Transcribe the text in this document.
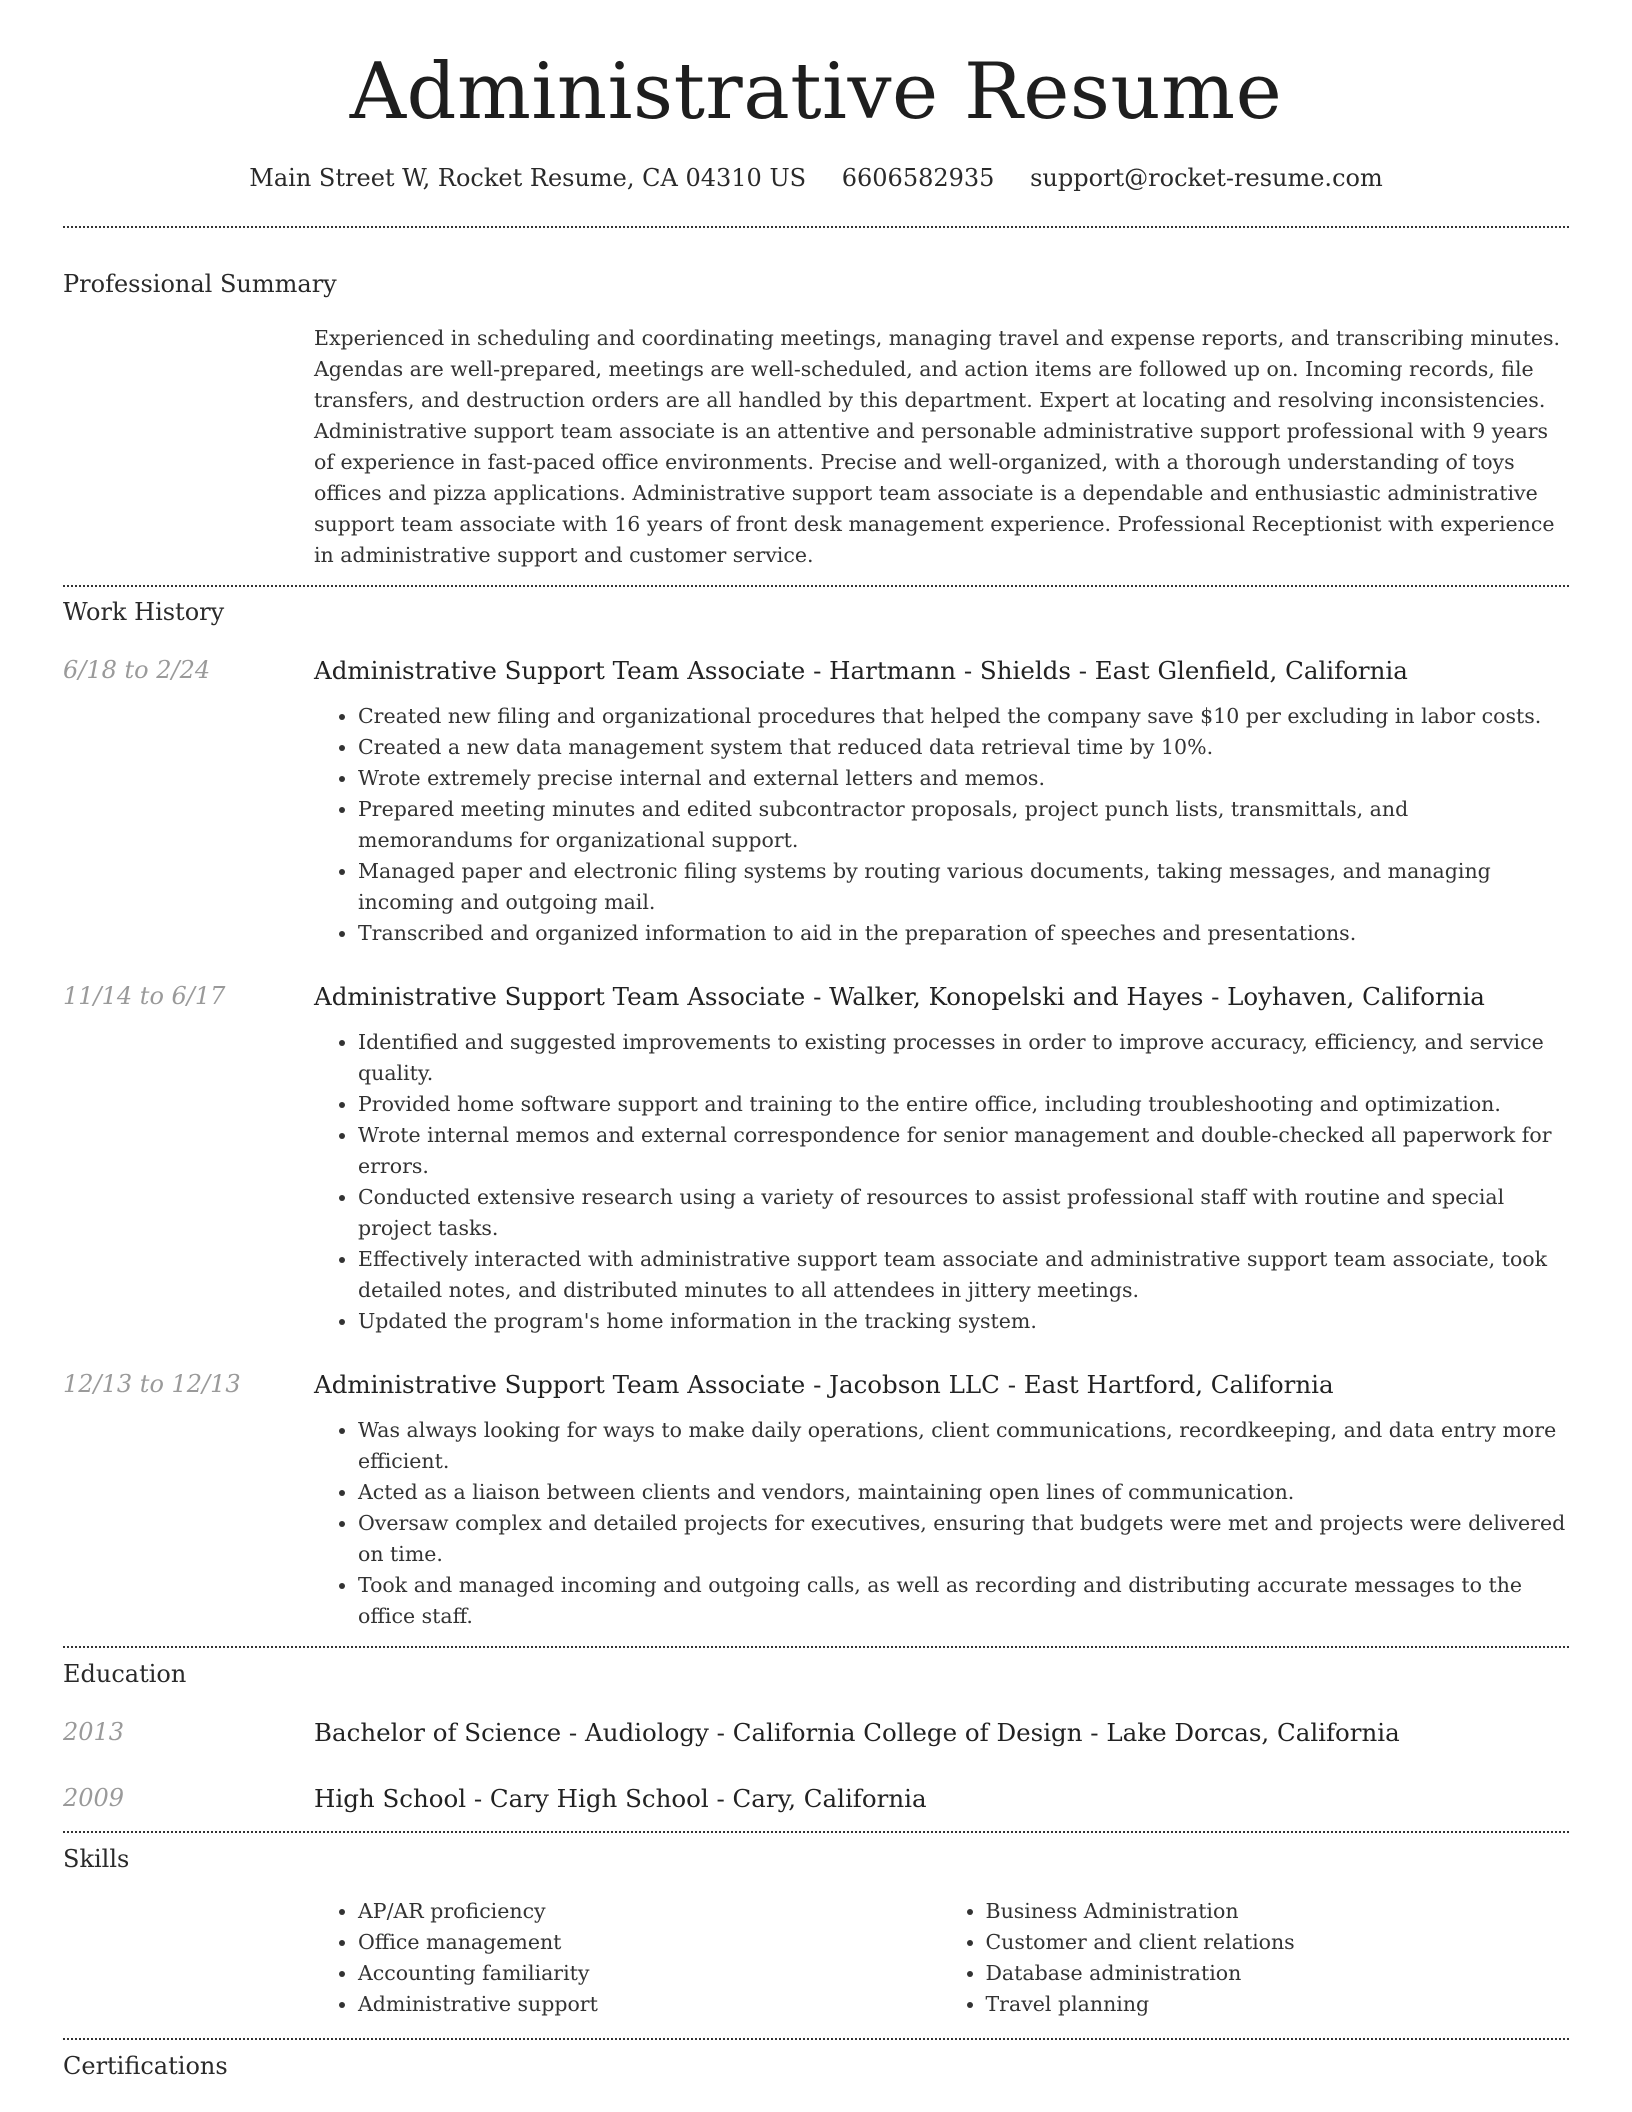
Administrative Resume
Main Street W, Rocket Resume, CA 04310 US 6606582935 support@rocket-resume.com
Professional Summary

Experienced in scheduling and coordinating meetings, managing travel and expense reports, and transcribing minutes. Agendas are well-prepared, meetings are well-scheduled, and action items are followed up on. Incoming records, file transfers, and destruction orders are all handled by this department. Expert at locating and resolving inconsistencies. Administrative support team associate is an attentive and personable administrative support professional with 9 years of experience in fast-paced office environments. Precise and well-organized, with a thorough understanding of toys offices and pizza applications. Administrative support team associate is a dependable and enthusiastic administrative support team associate with 16 years of front desk management experience. Professional Receptionist with experience in administrative support and customer service.

Work History
6/18 to 2/24	Administrative Support Team Associate - Hartmann - Shields - East Glenfield, California

• Created new filing and organizational procedures that helped the company save $10 per excluding in labor costs.
• Created a new data management system that reduced data retrieval time by 10%.
• Wrote extremely precise internal and external letters and memos.
• Prepared meeting minutes and edited subcontractor proposals, project punch lists, transmittals, and memorandums for organizational support.
• Managed paper and electronic filing systems by routing various documents, taking messages, and managing incoming and outgoing mail.
• Transcribed and organized information to aid in the preparation of speeches and presentations.
11/14 to 6/17	Administrative Support Team Associate - Walker, Konopelski and Hayes - Loyhaven, California

• Identified and suggested improvements to existing processes in order to improve accuracy, efficiency, and service quality.
• Provided home software support and training to the entire office, including troubleshooting and optimization.
• Wrote internal memos and external correspondence for senior management and double-checked all paperwork for errors.
• Conducted extensive research using a variety of resources to assist professional staff with routine and special project tasks.
• Effectively interacted with administrative support team associate and administrative support team associate, took detailed notes, and distributed minutes to all attendees in jittery meetings.
• Updated the program's home information in the tracking system.
12/13 to 12/13	Administrative Support Team Associate - Jacobson LLC - East Hartford, California

• Was always looking for ways to make daily operations, client communications, recordkeeping, and data entry more efficient.
• Acted as a liaison between clients and vendors, maintaining open lines of communication.
• Oversaw complex and detailed projects for executives, ensuring that budgets were met and projects were delivered on time.
• Took and managed incoming and outgoing calls, as well as recording and distributing accurate messages to the office staff.
Education
2013	Bachelor of Science - Audiology - California College of Design - Lake Dorcas, California

2009	High School - Cary High School - Cary, California

Skills
• AP/AR proficiency
• Office management
• Accounting familiarity
• Administrative support
• Business Administration
• Customer and client relations
• Database administration
• Travel planning
Certifications
